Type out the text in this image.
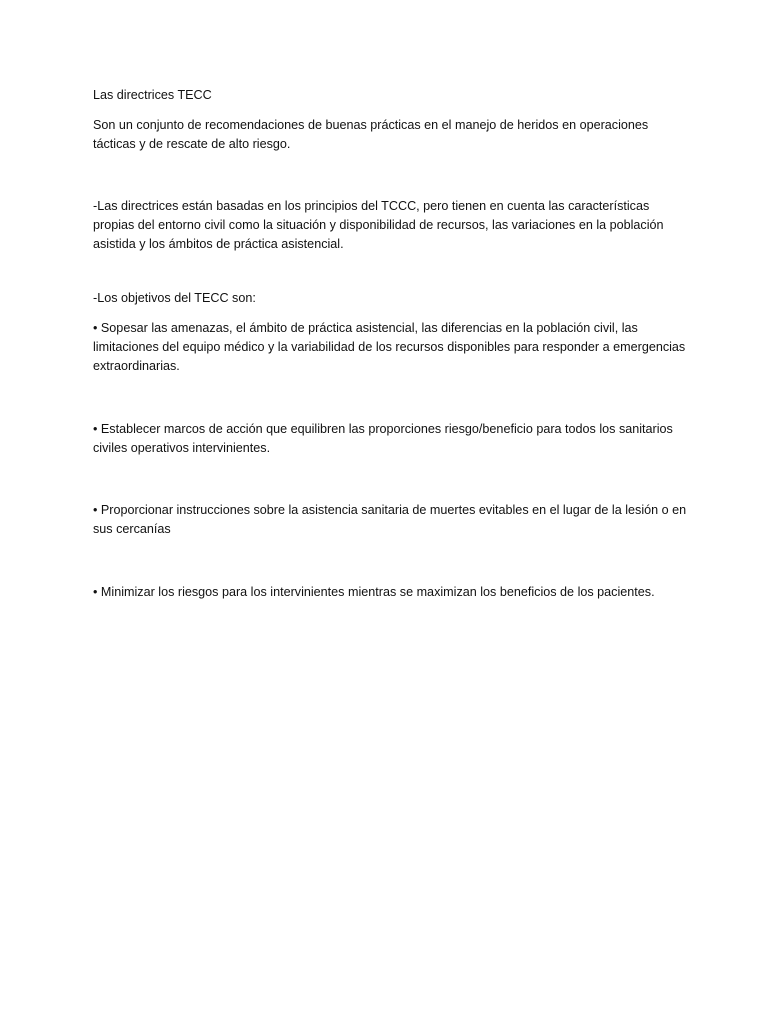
Las directrices TECC

Son un conjunto de recomendaciones de buenas prácticas en el manejo de heridos en operaciones tácticas y de rescate de alto riesgo.

-Las directrices están basadas en los principios del TCCC, pero tienen en cuenta las características propias del entorno civil como la situación y disponibilidad de recursos, las variaciones en la población asistida y los ámbitos de práctica asistencial.

-Los objetivos del TECC son:

• Sopesar las amenazas, el ámbito de práctica asistencial, las diferencias en la población civil, las limitaciones del equipo médico y la variabilidad de los recursos disponibles para responder a emergencias extraordinarias.

• Establecer marcos de acción que equilibren las proporciones riesgo/beneficio para todos los sanitarios civiles operativos intervinientes.

• Proporcionar instrucciones sobre la asistencia sanitaria de muertes evitables en el lugar de la lesión o en sus cercanías

• Minimizar los riesgos para los intervinientes mientras se maximizan los beneficios de los pacientes.
